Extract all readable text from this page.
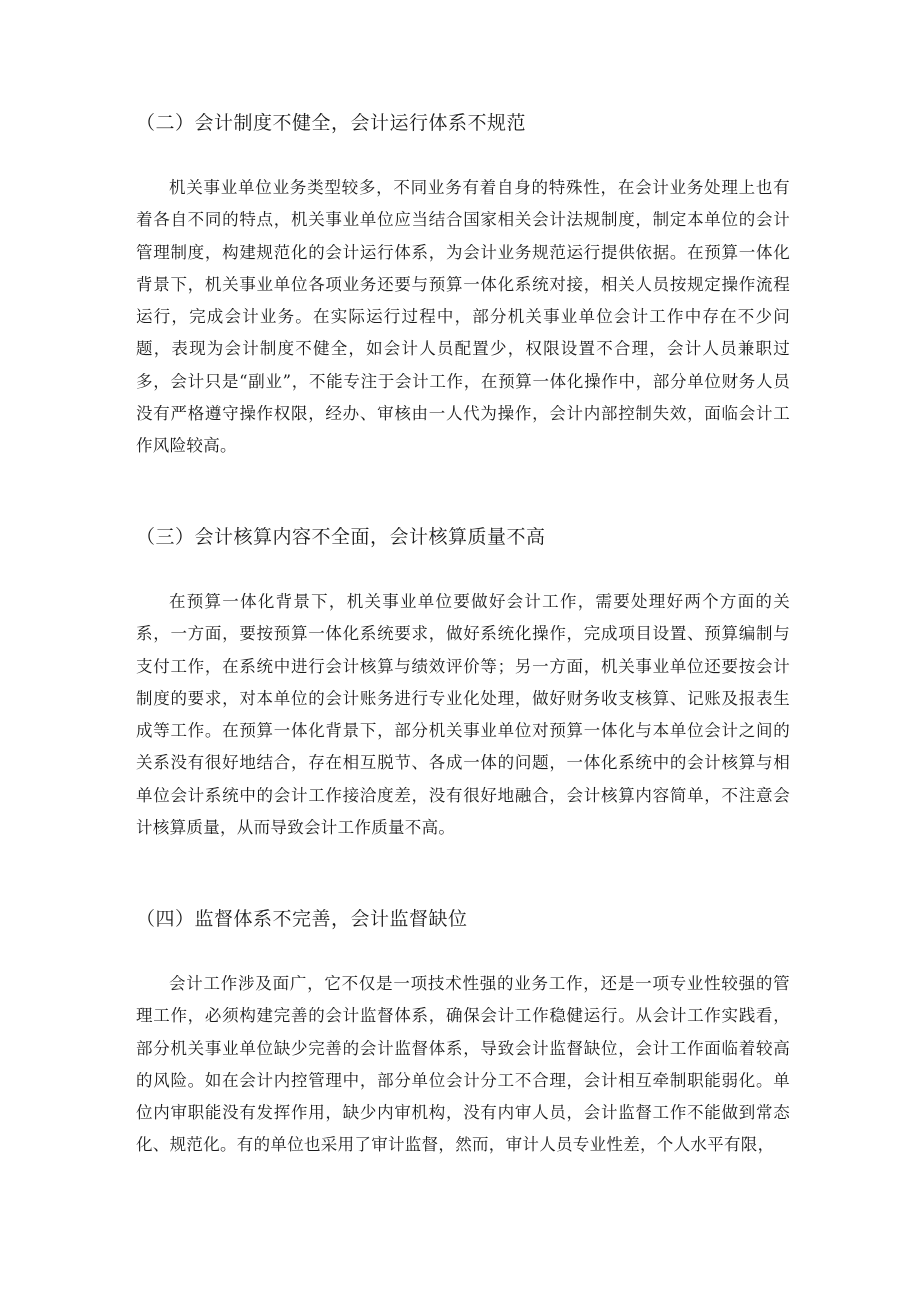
（二）会计制度不健全，会计运行体系不规范

机关事业单位业务类型较多，不同业务有着自身的特殊性，在会计业务处理上也有着各自不同的特点，机关事业单位应当结合国家相关会计法规制度，制定本单位的会计管理制度，构建规范化的会计运行体系，为会计业务规范运行提供依据。在预算一体化背景下，机关事业单位各项业务还要与预算一体化系统对接，相关人员按规定操作流程运行，完成会计业务。在实际运行过程中，部分机关事业单位会计工作中存在不少问题，表现为会计制度不健全，如会计人员配置少，权限设置不合理，会计人员兼职过多，会计只是“副业”，不能专注于会计工作，在预算一体化操作中，部分单位财务人员没有严格遵守操作权限，经办、审核由一人代为操作，会计内部控制失效，面临会计工作风险较高。

（三）会计核算内容不全面，会计核算质量不高

在预算一体化背景下，机关事业单位要做好会计工作，需要处理好两个方面的关系，一方面，要按预算一体化系统要求，做好系统化操作，完成项目设置、预算编制与支付工作，在系统中进行会计核算与绩效评价等；另一方面，机关事业单位还要按会计制度的要求，对本单位的会计账务进行专业化处理，做好财务收支核算、记账及报表生成等工作。在预算一体化背景下，部分机关事业单位对预算一体化与本单位会计之间的关系没有很好地结合，存在相互脱节、各成一体的问题，一体化系统中的会计核算与相单位会计系统中的会计工作接洽度差，没有很好地融合，会计核算内容简单，不注意会计核算质量，从而导致会计工作质量不高。

（四）监督体系不完善，会计监督缺位

会计工作涉及面广，它不仅是一项技术性强的业务工作，还是一项专业性较强的管理工作，必须构建完善的会计监督体系，确保会计工作稳健运行。从会计工作实践看，部分机关事业单位缺少完善的会计监督体系，导致会计监督缺位，会计工作面临着较高的风险。如在会计内控管理中，部分单位会计分工不合理，会计相互牵制职能弱化。单位内审职能没有发挥作用，缺少内审机构，没有内审人员，会计监督工作不能做到常态化、规范化。有的单位也采用了审计监督，然而，审计人员专业性差，个人水平有限，
